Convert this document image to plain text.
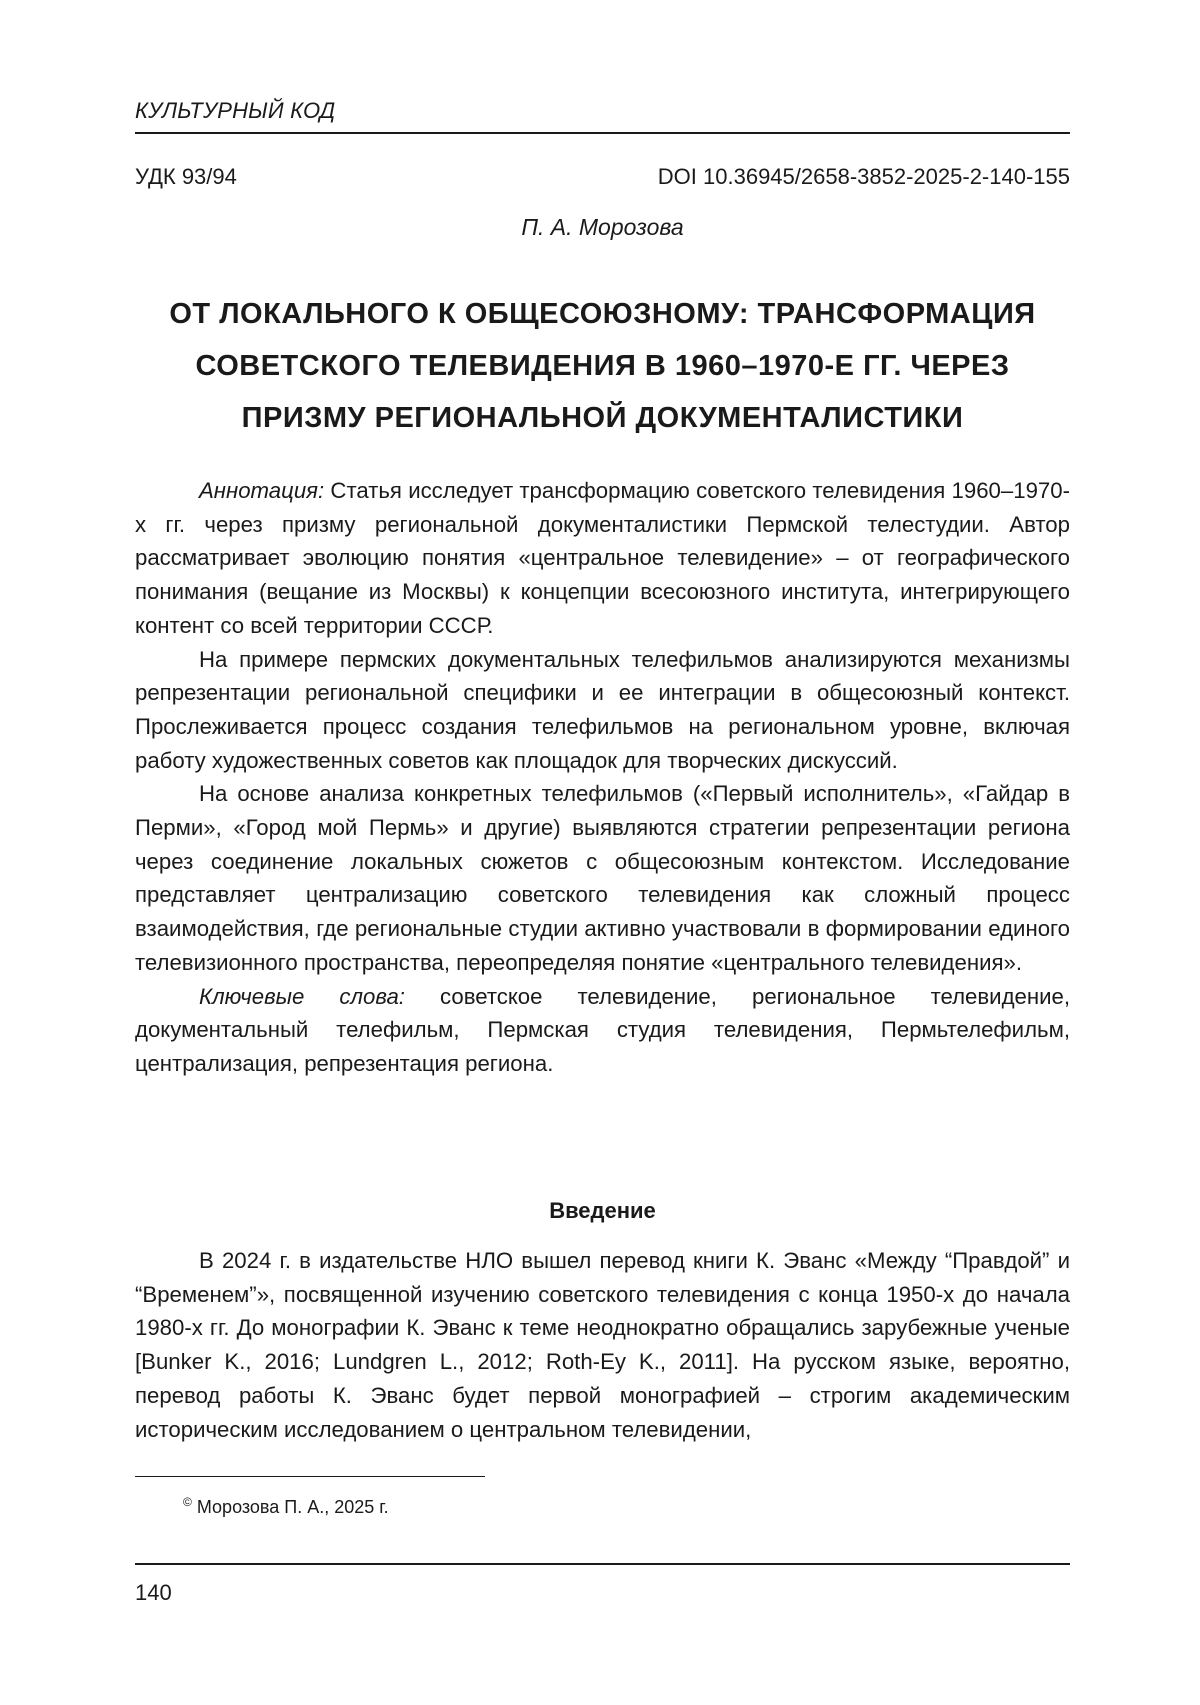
КУЛЬТУРНЫЙ КОД
УДК 93/94	DOI 10.36945/2658-3852-2025-2-140-155
П. А. Морозова
ОТ ЛОКАЛЬНОГО К ОБЩЕСОЮЗНОМУ: ТРАНСФОРМАЦИЯ
СОВЕТСКОГО ТЕЛЕВИДЕНИЯ В 1960–1970-Е ГГ. ЧЕРЕЗ
ПРИЗМУ РЕГИОНАЛЬНОЙ ДОКУМЕНТАЛИСТИКИ

Аннотация: Статья исследует трансформацию советского телевидения 1960–1970-х гг. через призму региональной документалистики Пермской телестудии. Автор рассматривает эволюцию понятия «центральное телевидение» – от географического понимания (вещание из Москвы) к концепции всесоюзного института, интегрирующего контент со всей территории СССР.

На примере пермских документальных телефильмов анализируются механизмы репрезентации региональной специфики и ее интеграции в общесоюзный контекст. Прослеживается процесс создания телефильмов на региональном уровне, включая работу художественных советов как площадок для творческих дискуссий.

На основе анализа конкретных телефильмов («Первый исполнитель», «Гайдар в Перми», «Город мой Пермь» и другие) выявляются стратегии репрезентации региона через соединение локальных сюжетов с общесоюзным контекстом. Исследование представляет централизацию советского телевидения как сложный процесс взаимодействия, где региональные студии активно участвовали в формировании единого телевизионного пространства, переопределяя понятие «центрального телевидения».

Ключевые слова: советское телевидение, региональное телевидение, документальный телефильм, Пермская студия телевидения, Пермьтелефильм, централизация, репрезентация региона.

Введение

В 2024 г. в издательстве НЛО вышел перевод книги К. Эванс «Между “Правдой” и “Временем”», посвященной изучению советского телевидения с конца 1950-х до начала 1980-х гг. До монографии К. Эванс к теме неоднократно обращались зарубежные ученые [Bunker K., 2016; Lundgren L., 2012; Roth-Ey K., 2011]. На русском языке, вероятно, перевод работы К. Эванс будет первой монографией – строгим академическим историческим исследованием о центральном телевидении,

© Морозова П. А., 2025 г.
140
